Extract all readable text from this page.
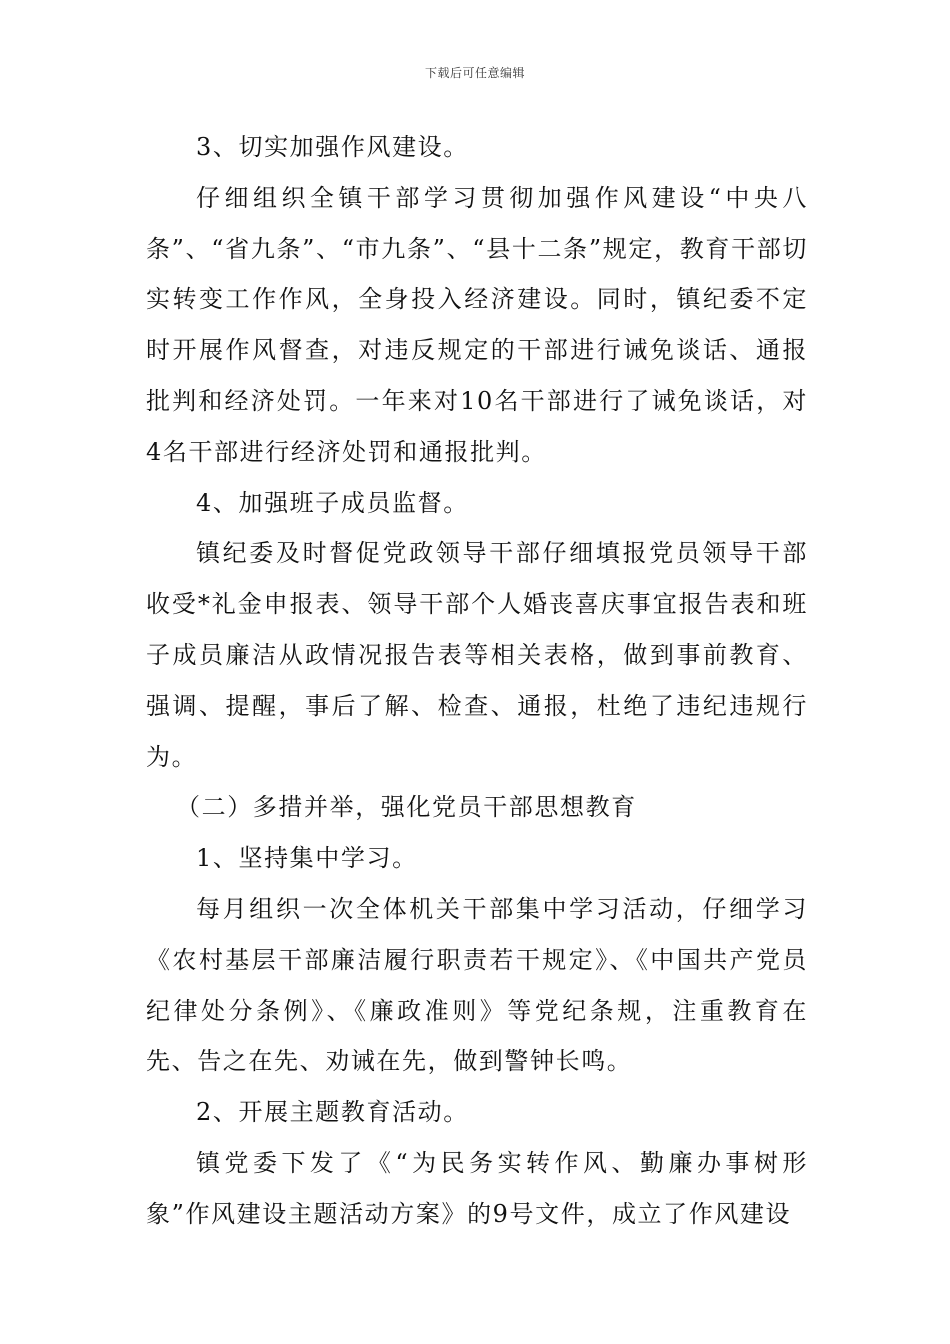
下载后可任意编辑

3、切实加强作风建设。

仔细组织全镇干部学习贯彻加强作风建设“中央八条”、“省九条”、“市九条”、“县十二条”规定，教育干部切实转变工作作风，全身投入经济建设。同时，镇纪委不定时开展作风督查，对违反规定的干部进行诫免谈话、通报批判和经济处罚。一年来对10名干部进行了诫免谈话，对4名干部进行经济处罚和通报批判。

4、加强班子成员监督。

镇纪委及时督促党政领导干部仔细填报党员领导干部收受*礼金申报表、领导干部个人婚丧喜庆事宜报告表和班子成员廉洁从政情况报告表等相关表格，做到事前教育、强调、提醒，事后了解、检查、通报，杜绝了违纪违规行为。

（二）多措并举，强化党员干部思想教育

1、坚持集中学习。

每月组织一次全体机关干部集中学习活动，仔细学习《农村基层干部廉洁履行职责若干规定》、《中国共产党员纪律处分条例》、《廉政准则》等党纪条规，注重教育在先、告之在先、劝诫在先，做到警钟长鸣。

2、开展主题教育活动。

镇党委下发了《“为民务实转作风、勤廉办事树形象”作风建设主题活动方案》的9号文件，成立了作风建设
